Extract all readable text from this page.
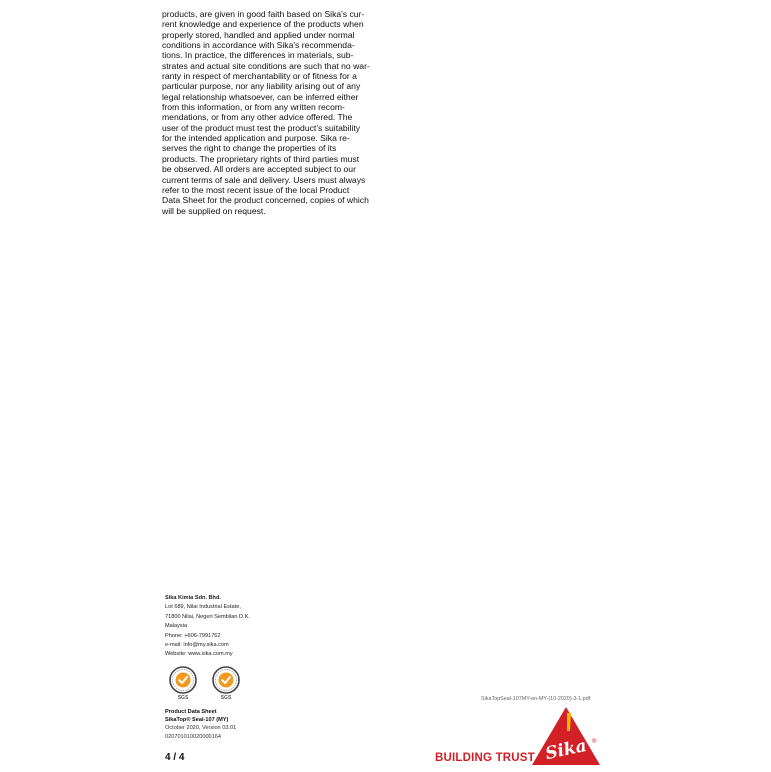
products, are given in good faith based on Sika's cur-
rent knowledge and experience of the products when
properly stored, handled and applied under normal
conditions in accordance with Sika's recommenda-
tions. In practice, the differences in materials, sub-
strates and actual site conditions are such that no war-
ranty in respect of merchantability or of fitness for a
particular purpose, nor any liability arising out of any
legal relationship whatsoever, can be inferred either
from this information, or from any written recom-
mendations, or from any other advice offered. The
user of the product must test the product’s suitability
for the intended application and purpose. Sika re-
serves the right to change the properties of its
products. The proprietary rights of third parties must
be observed. All orders are accepted subject to our
current terms of sale and delivery. Users must always
refer to the most recent issue of the local Product
Data Sheet for the product concerned, copies of which
will be supplied on request.
Sika Kimia Sdn. Bhd.
Lot 689, Nilai Industrial Estate,
71800 Nilai, Negeri Sembilan D.K.
Malaysia
Phone: +606-7991762
e-mail: info@my.sika.com
Website: www.sika.com.my
SGS	SGS
Product Data Sheet
SikaTop® Seal-107 (MY)
October 2020, Version 03.01
020701010020000164
4 / 4
SikaTopSeal-107MY-en-MY-(10-2020)-3-1.pdf
BUILDING TRUST Sika ®
